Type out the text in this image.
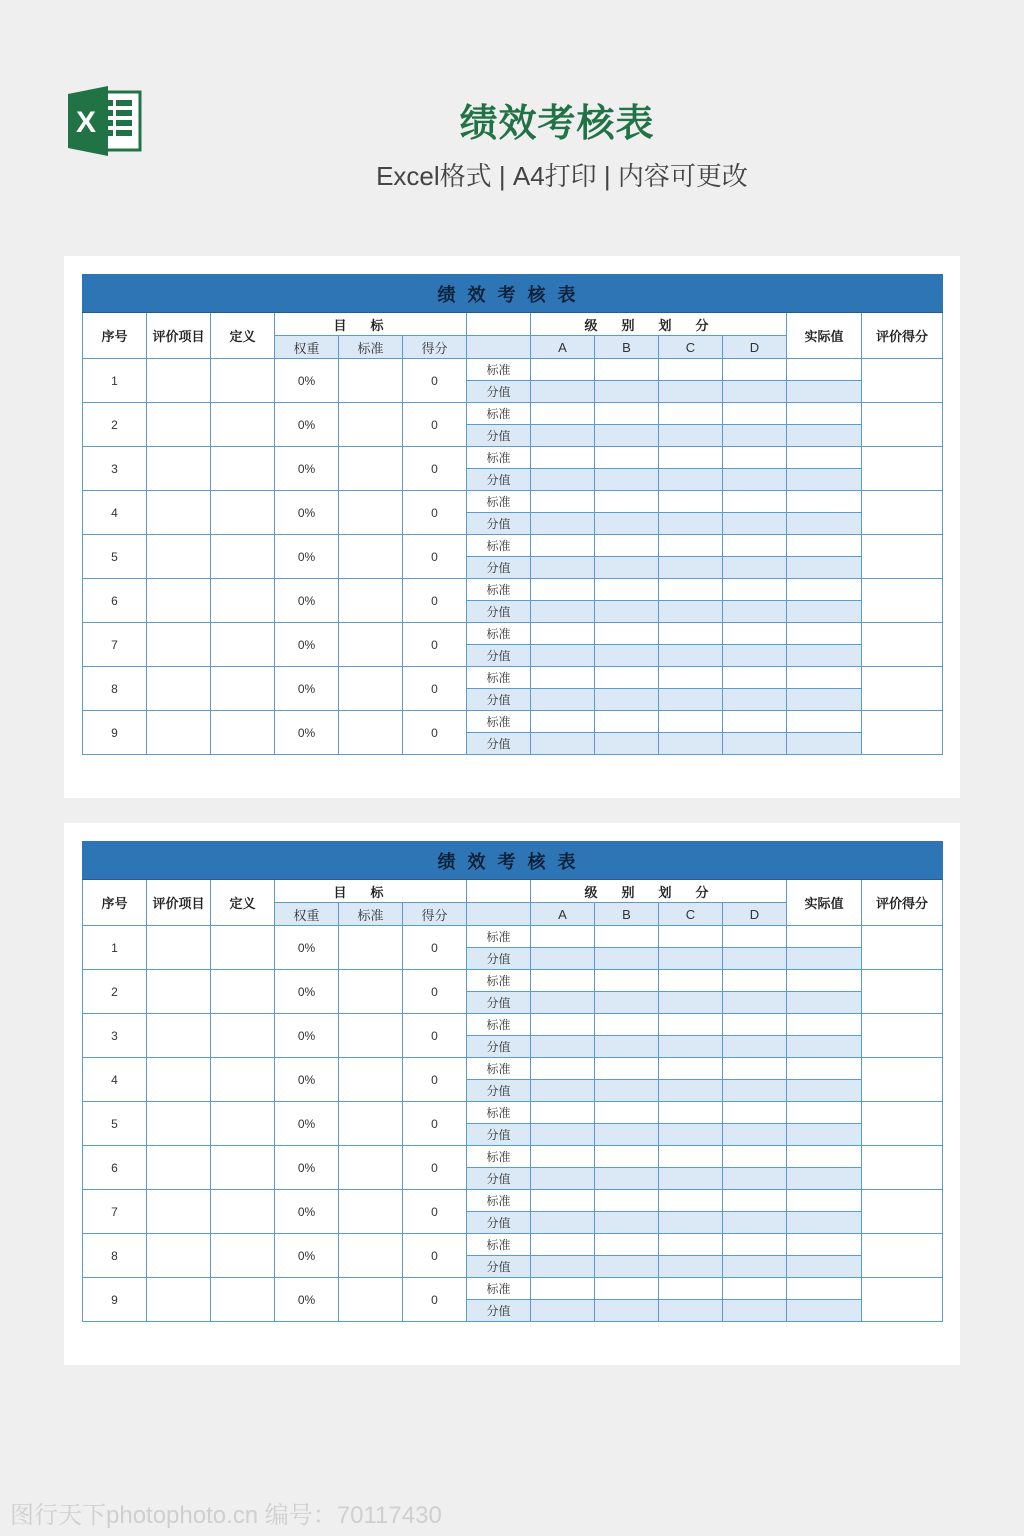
X	绩效考核表
Excel格式 | A4打印 | 内容可更改
绩效考核表												
序号	评价项目	定义	目标				级别划分				实际值	评价得分
			权重	标准	得分		A	B	C	D		
1			0%		0	标准						
						分值						
2			0%		0	标准						
						分值						
3			0%		0	标准						
						分值						
4			0%		0	标准						
						分值						
5			0%		0	标准						
						分值						
6			0%		0	标准						
						分值						
7			0%		0	标准						
						分值						
8			0%		0	标准						
						分值						
9			0%		0	标准						
						分值						

绩效考核表												
序号	评价项目	定义	目标				级别划分				实际值	评价得分
			权重	标准	得分		A	B	C	D		
1			0%		0	标准						
						分值						
2			0%		0	标准						
						分值						
3			0%		0	标准						
						分值						
4			0%		0	标准						
						分值						
5			0%		0	标准						
						分值						
6			0%		0	标准						
						分值						
7			0%		0	标准						
						分值						
8			0%		0	标准						
						分值						
9			0%		0	标准						
						分值						

图行天下photophoto.cn 编号：70117430
